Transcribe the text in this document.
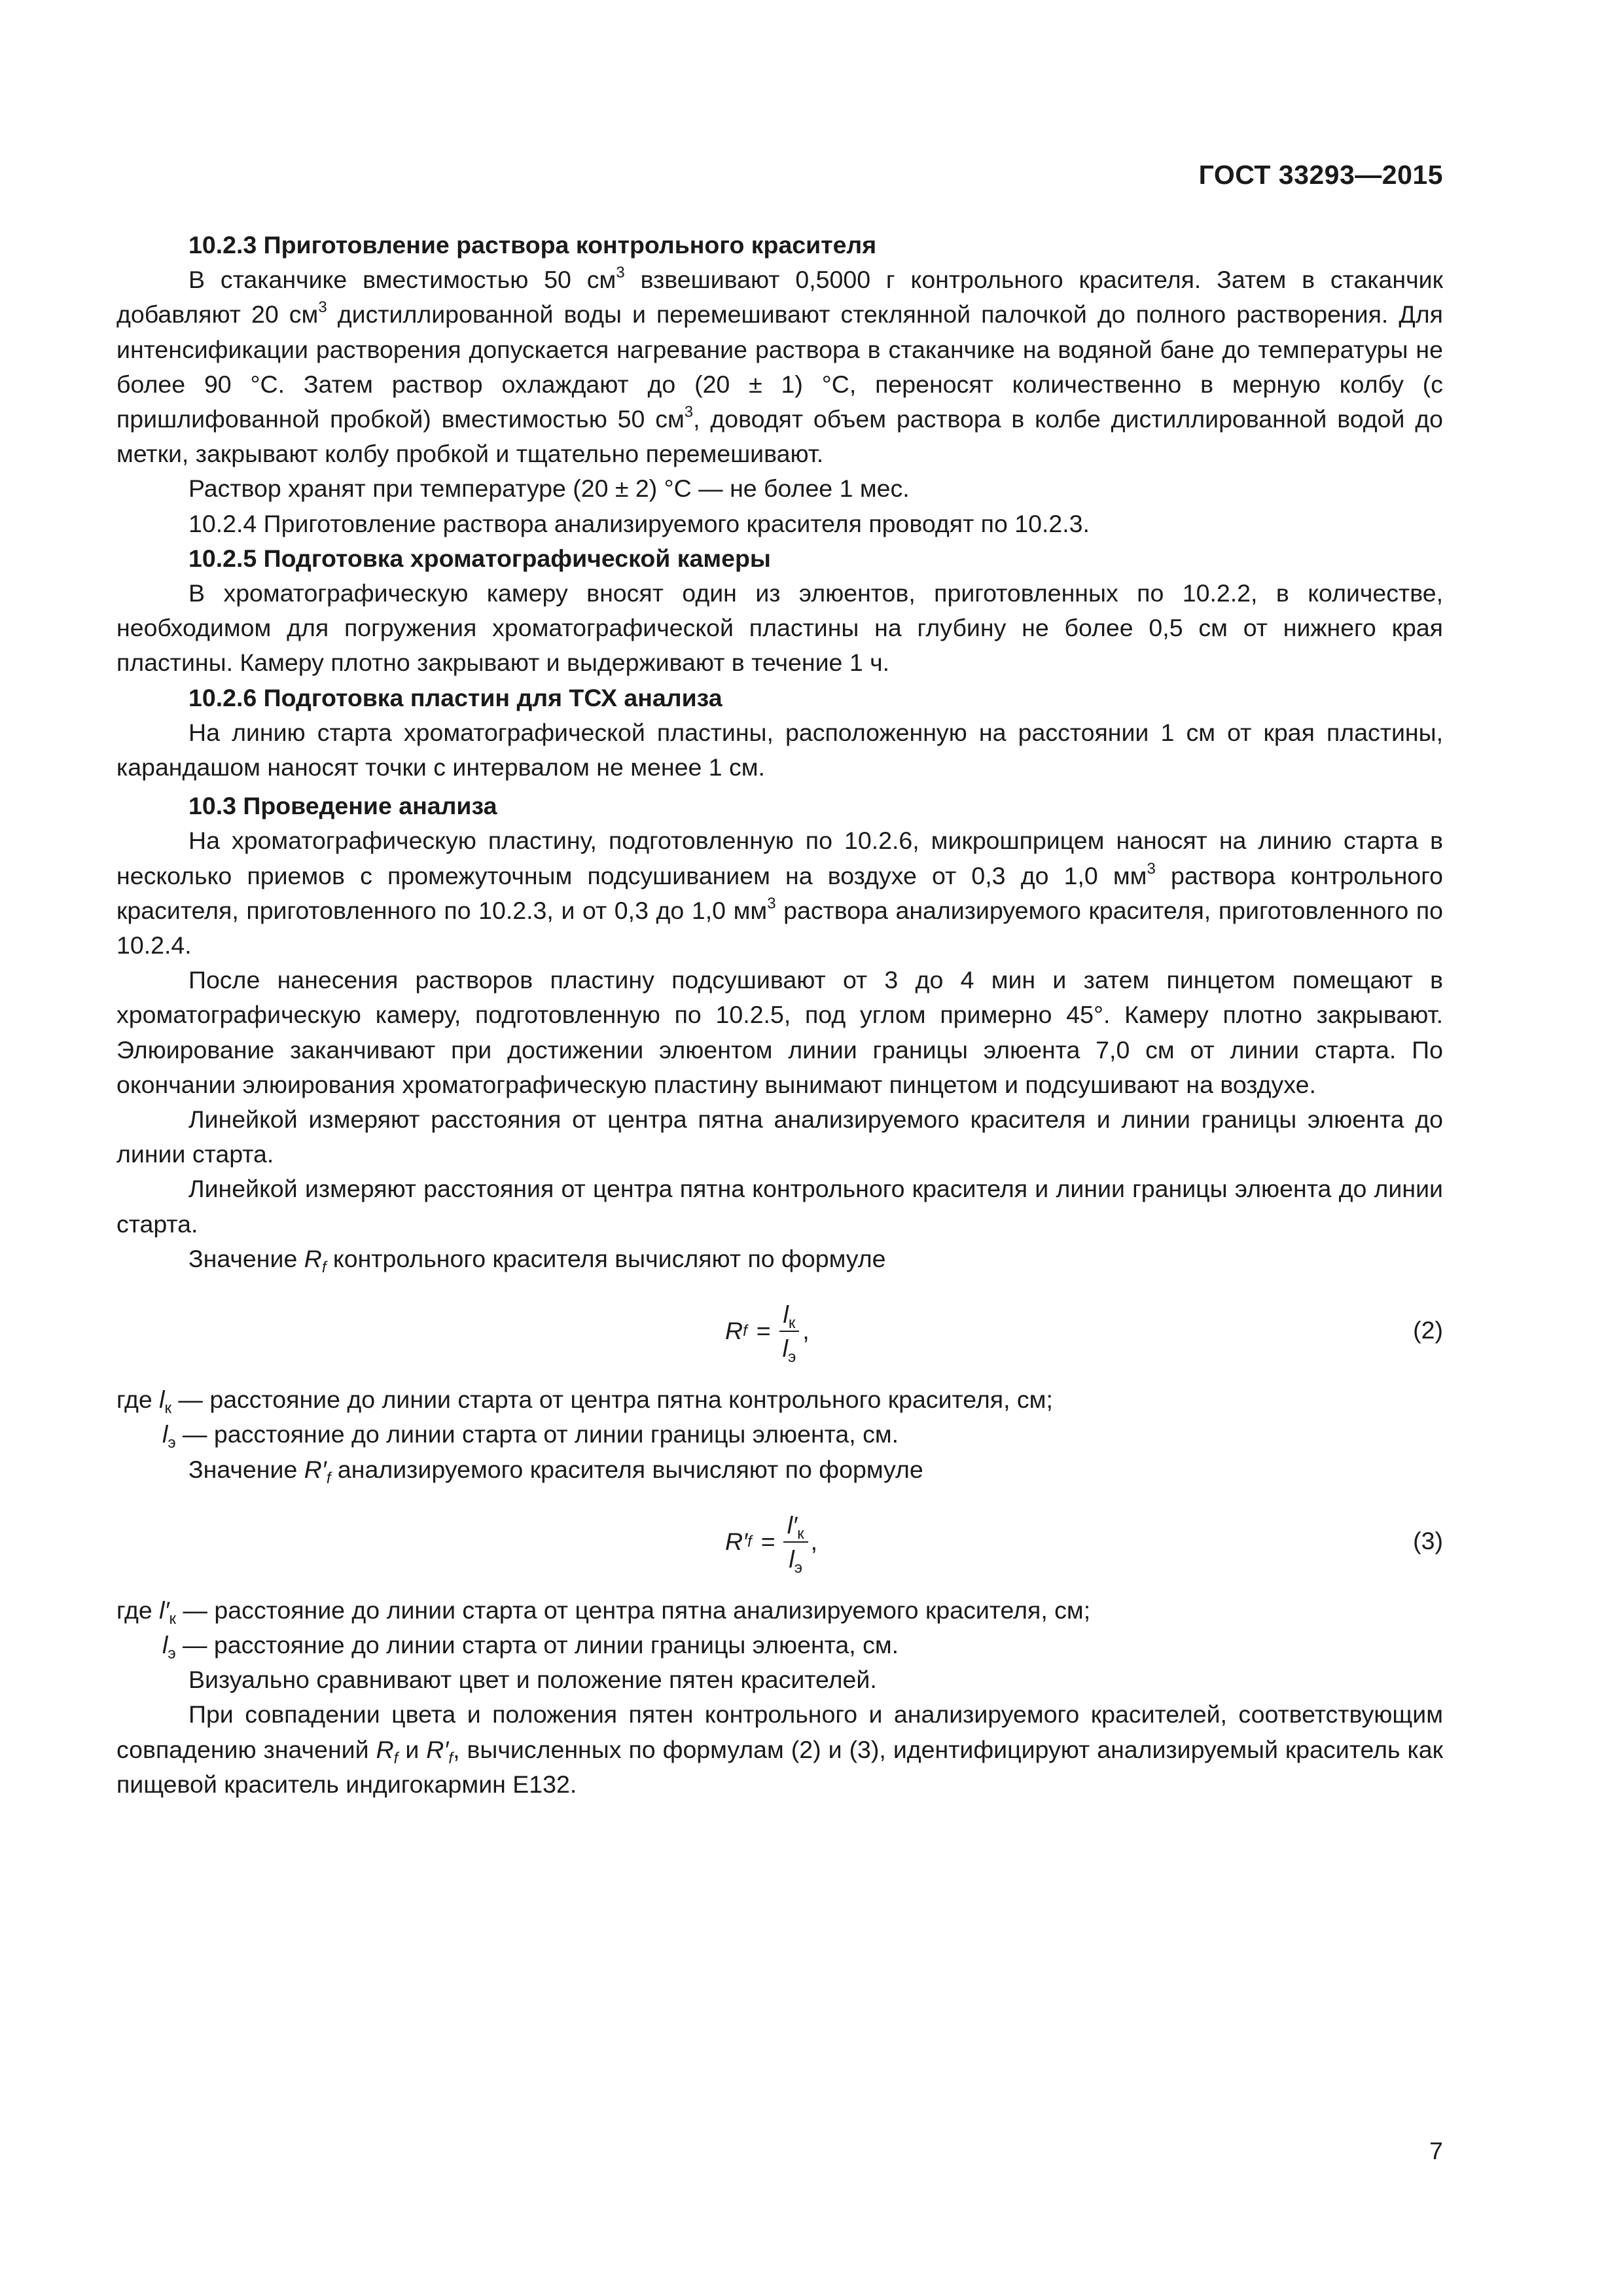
ГОСТ 33293—2015

10.2.3 Приготовление раствора контрольного красителя

В стаканчике вместимостью 50 $см^3$ взвешивают 0,5000 г контрольного красителя. Затем в стаканчик добавляют 20 $см^3$ дистиллированной воды и перемешивают стеклянной палочкой до полного растворения. Для интенсификации растворения допускается нагревание раствора в стаканчике на водяной бане до температуры не более 90 °С. Затем раствор охлаждают до (20 ± 1) °С, переносят количественно в мерную колбу (с пришлифованной пробкой) вместимостью 50 $см^3$, доводят объем раствора в колбе дистиллированной водой до метки, закрывают колбу пробкой и тщательно перемешивают.

Раствор хранят при температуре (20 ± 2) °С — не более 1 мес.

10.2.4 Приготовление раствора анализируемого красителя проводят по 10.2.3.

10.2.5 Подготовка хроматографической камеры

В хроматографическую камеру вносят один из элюентов, приготовленных по 10.2.2, в количестве, необходимом для погружения хроматографической пластины на глубину не более 0,5 см от нижнего края пластины. Камеру плотно закрывают и выдерживают в течение 1 ч.

10.2.6 Подготовка пластин для ТСХ анализа

На линию старта хроматографической пластины, расположенную на расстоянии 1 см от края пластины, карандашом наносят точки с интервалом не менее 1 см.

10.3 Проведение анализа

На хроматографическую пластину, подготовленную по 10.2.6, микрошприцем наносят на линию старта в несколько приемов с промежуточным подсушиванием на воздухе от 0,3 до 1,0 $мм^3$ раствора контрольного красителя, приготовленного по 10.2.3, и от 0,3 до 1,0 $мм^3$ раствора анализируемого красителя, приготовленного по 10.2.4.

После нанесения растворов пластину подсушивают от 3 до 4 мин и затем пинцетом помещают в хроматографическую камеру, подготовленную по 10.2.5, под углом примерно 45°. Камеру плотно закрывают. Элюирование заканчивают при достижении элюентом линии границы элюента 7,0 см от линии старта. По окончании элюирования хроматографическую пластину вынимают пинцетом и подсушивают на воздухе.

Линейкой измеряют расстояния от центра пятна анализируемого красителя и линии границы элюента до линии старта.

Линейкой измеряют расстояния от центра пятна контрольного красителя и линии границы элюента до линии старта.

Значение $R_f$ контрольного красителя вычисляют по формуле

R f =
$l_к$
$l_э$
,	(2)

где $l_к$ — расстояние до линии старта от центра пятна контрольного красителя, см;

$l_э$ — расстояние до линии старта от линии границы элюента, см.

Значение $R'_f$ анализируемого красителя вычисляют по формуле

R′ f =
$l'_к$
$l_э$
,	(3)

где $l'_к$ — расстояние до линии старта от центра пятна анализируемого красителя, см;

$l_э$ — расстояние до линии старта от линии границы элюента, см.

Визуально сравнивают цвет и положение пятен красителей.

При совпадении цвета и положения пятен контрольного и анализируемого красителей, соответствующим совпадению значений $R_f$ и $R'_f$, вычисленных по формулам (2) и (3), идентифицируют анализируемый краситель как пищевой краситель индигокармин Е132.

7
